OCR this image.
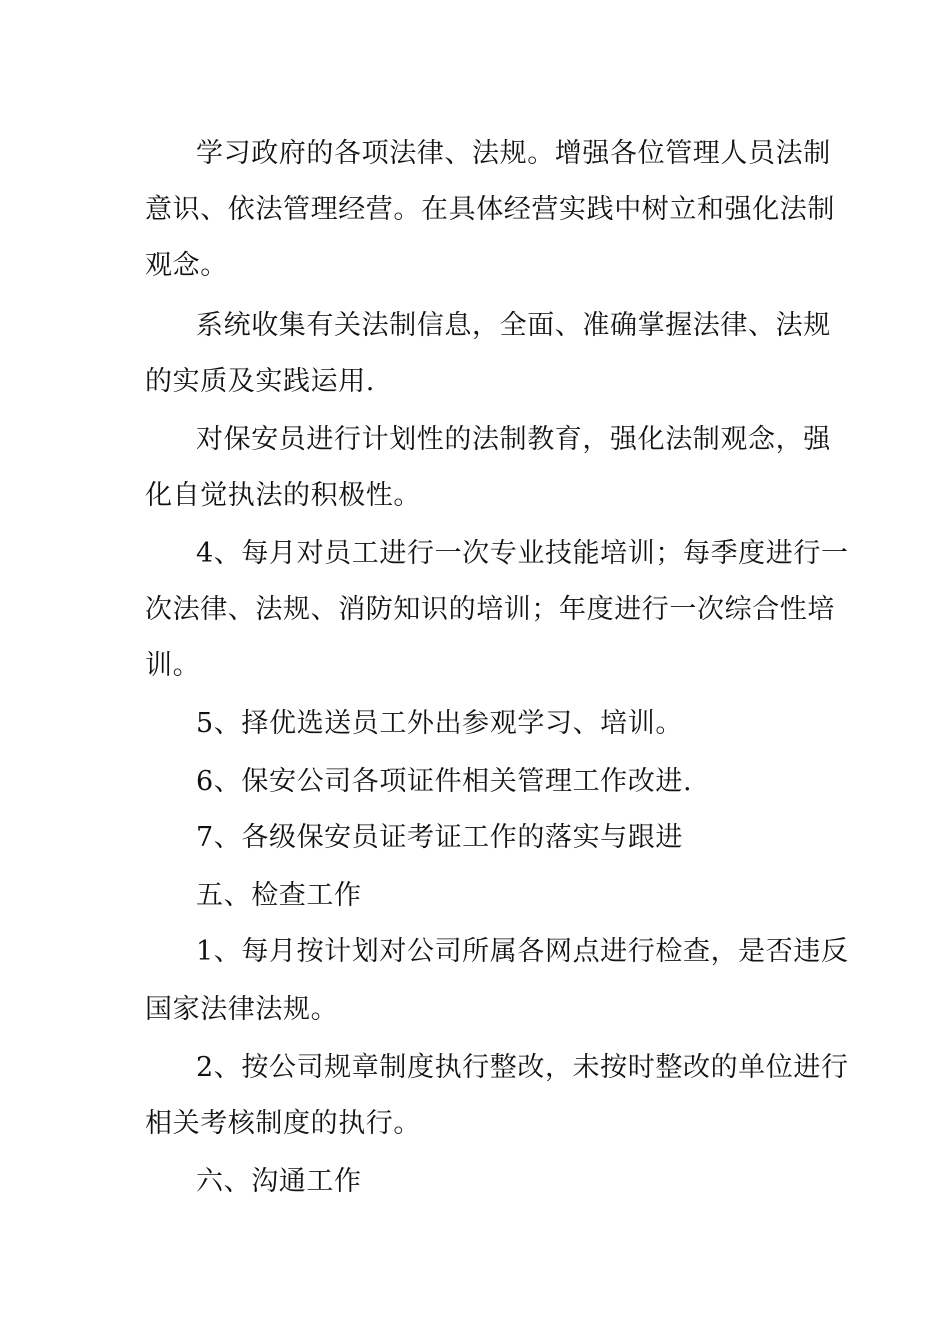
学习政府的各项法律、法规。增强各位管理人员法制
意识、依法管理经营。在具体经营实践中树立和强化法制
观念。
系统收集有关法制信息，全面、准确掌握法律、法规
的实质及实践运用.
对保安员进行计划性的法制教育，强化法制观念，强
化自觉执法的积极性。
4、每月对员工进行一次专业技能培训；每季度进行一
次法律、法规、消防知识的培训；年度进行一次综合性培
训。
5、择优选送员工外出参观学习、培训。
6、保安公司各项证件相关管理工作改进.
7、各级保安员证考证工作的落实与跟进
五、检查工作
1、每月按计划对公司所属各网点进行检查，是否违反
国家法律法规。
2、按公司规章制度执行整改，未按时整改的单位进行
相关考核制度的执行。
六、沟通工作
